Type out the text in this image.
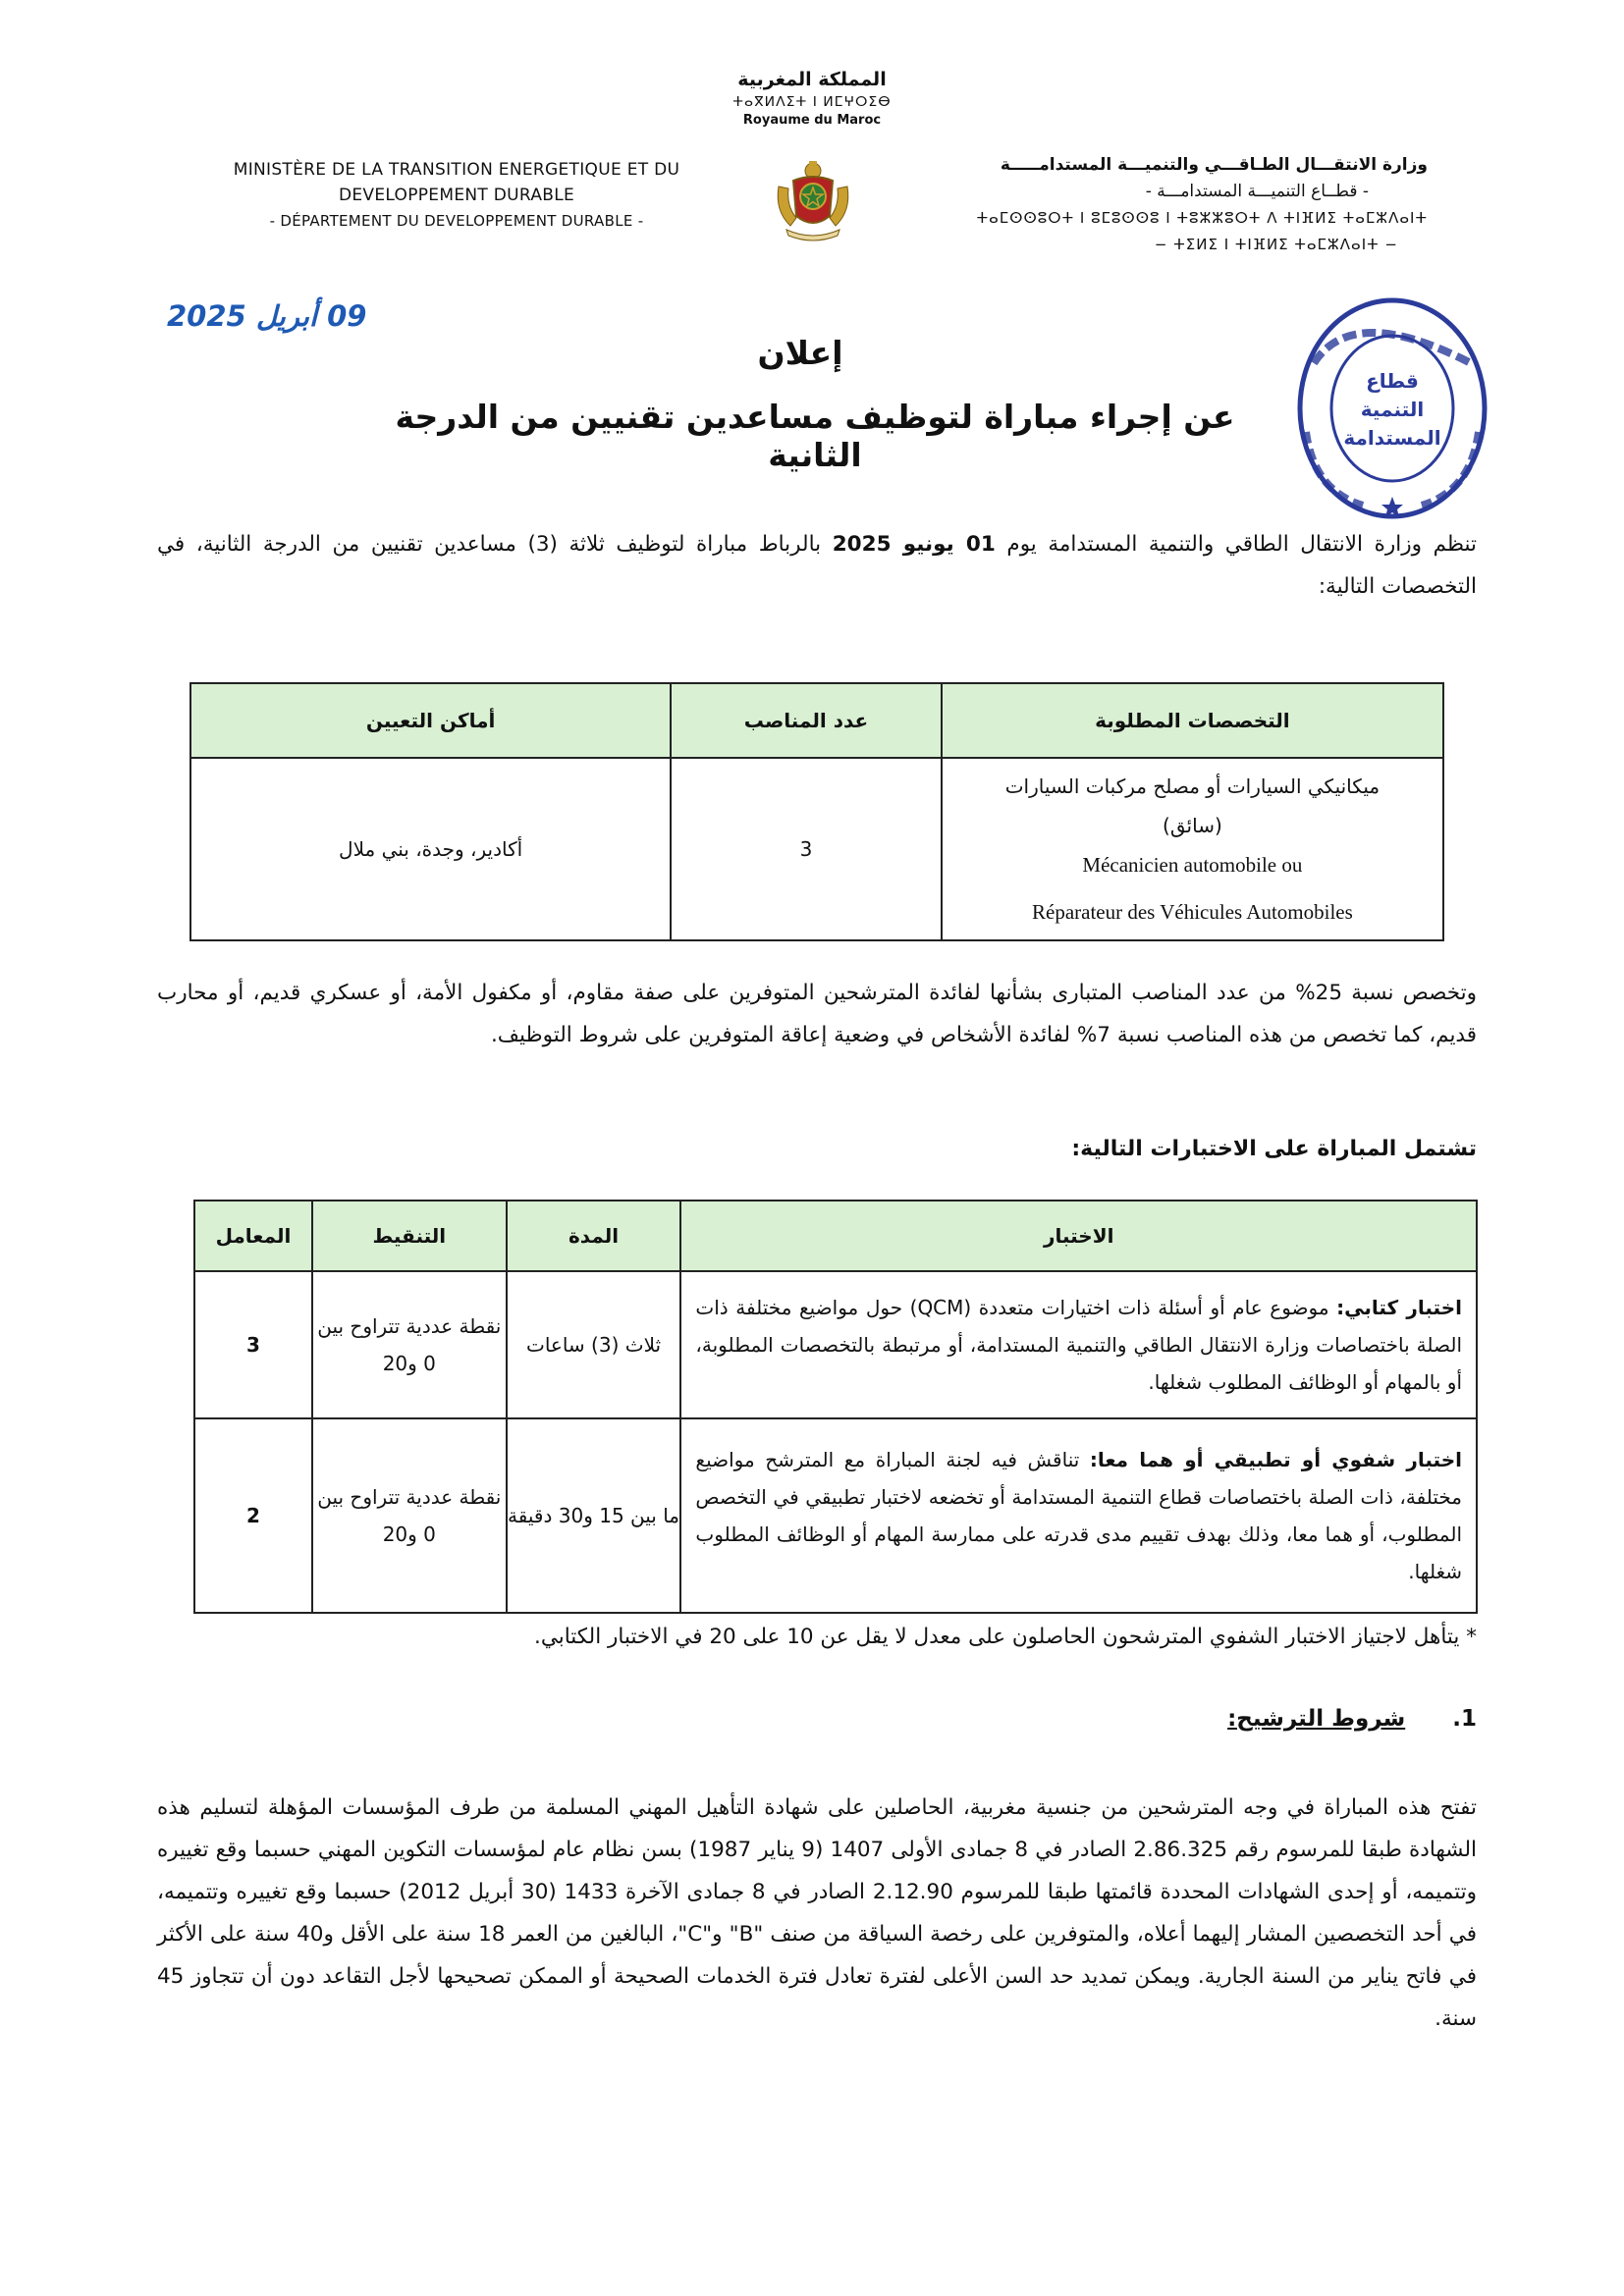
MINISTÈRE DE LA TRANSITION ENERGETIQUE ET DU
DEVELOPPEMENT DURABLE
- DÉPARTEMENT DU DEVELOPPEMENT DURABLE -
المملكة المغربية
ⵜⴰⴳⵍⴷⵉⵜ ⵏ ⵍⵎⵖⵔⵉⴱ
Royaume du Maroc
وزارة الانتقـــال الطـاقـــي والتنميـــة المستدامـــــة
- قطــاع التنميـــة المستدامـــة -
ⵜⴰⵎⵙⵙⵓⵔⵜ ⵏ ⵓⵎⵓⵙⵙⵓ ⵏ ⵜⵓⵣⵣⵓⵔⵜ ⴷ ⵜⵏⴼⵍⵉ ⵜⴰⵎⵣⴷⴰⵏⵜ
− ⵜⵉⵍⵉ ⵏ ⵜⵏⴼⵍⵉ ⵜⴰⵎⵣⴷⴰⵏⵜ −
09 أبريل 2025
قطاع
التنمية
المستدامة
إعلان
عن إجراء مباراة لتوظيف مساعدين تقنيين من الدرجة الثانية
تنظم وزارة الانتقال الطاقي والتنمية المستدامة يوم 01 يونيو 2025 بالرباط مباراة لتوظيف ثلاثة (3) مساعدين تقنيين من الدرجة الثانية، في التخصصات التالية:
التخصصات المطلوبة	عدد المناصب	أماكن التعيين

ميكانيكي السيارات أو مصلح مركبات السيارات
(سائق)
Mécanicien automobile ou
Réparateur des Véhicules Automobiles	3	أكادير، وجدة، بني ملال
وتخصص نسبة 25% من عدد المناصب المتبارى بشأنها لفائدة المترشحين المتوفرين على صفة مقاوم، أو مكفول الأمة، أو عسكري قديم، أو محارب قديم، كما تخصص من هذه المناصب نسبة 7% لفائدة الأشخاص في وضعية إعاقة المتوفرين على شروط التوظيف.
تشتمل المباراة على الاختبارات التالية:
الاختبار	المدة	التنقيط	المعامل
اختبار كتابي: موضوع عام أو أسئلة ذات اختيارات متعددة (QCM) حول مواضيع مختلفة ذات الصلة باختصاصات وزارة الانتقال الطاقي والتنمية المستدامة، أو مرتبطة بالتخصصات المطلوبة، أو بالمهام أو الوظائف المطلوب شغلها.	ثلاث (3) ساعات	نقطة عددية تتراوح بين 0 و20	3
اختبار شفوي أو تطبيقي أو هما معا: تناقش فيه لجنة المباراة مع المترشح مواضيع مختلفة، ذات الصلة باختصاصات قطاع التنمية المستدامة أو تخضعه لاختبار تطبيقي في التخصص المطلوب، أو هما معا، وذلك بهدف تقييم مدى قدرته على ممارسة المهام أو الوظائف المطلوب شغلها.	ما بين 15 و30 دقيقة	نقطة عددية تتراوح بين 0 و20	2
* يتأهل لاجتياز الاختبار الشفوي المترشحون الحاصلون على معدل لا يقل عن 10 على 20 في الاختبار الكتابي.
1. شروط الترشيح:
تفتح هذه المباراة في وجه المترشحين من جنسية مغربية، الحاصلين على شهادة التأهيل المهني المسلمة من طرف المؤسسات المؤهلة لتسليم هذه الشهادة طبقا للمرسوم رقم 2.86.325 الصادر في 8 جمادى الأولى 1407 (9 يناير 1987) بسن نظام عام لمؤسسات التكوين المهني حسبما وقع تغييره وتتميمه، أو إحدى الشهادات المحددة قائمتها طبقا للمرسوم 2.12.90 الصادر في 8 جمادى الآخرة 1433 (30 أبريل 2012) حسبما وقع تغييره وتتميمه، في أحد التخصصين المشار إليهما أعلاه، والمتوفرين على رخصة السياقة من صنف "B" و"C"، البالغين من العمر 18 سنة على الأقل و40 سنة على الأكثر في فاتح يناير من السنة الجارية. ويمكن تمديد حد السن الأعلى لفترة تعادل فترة الخدمات الصحيحة أو الممكن تصحيحها لأجل التقاعد دون أن تتجاوز 45 سنة.
